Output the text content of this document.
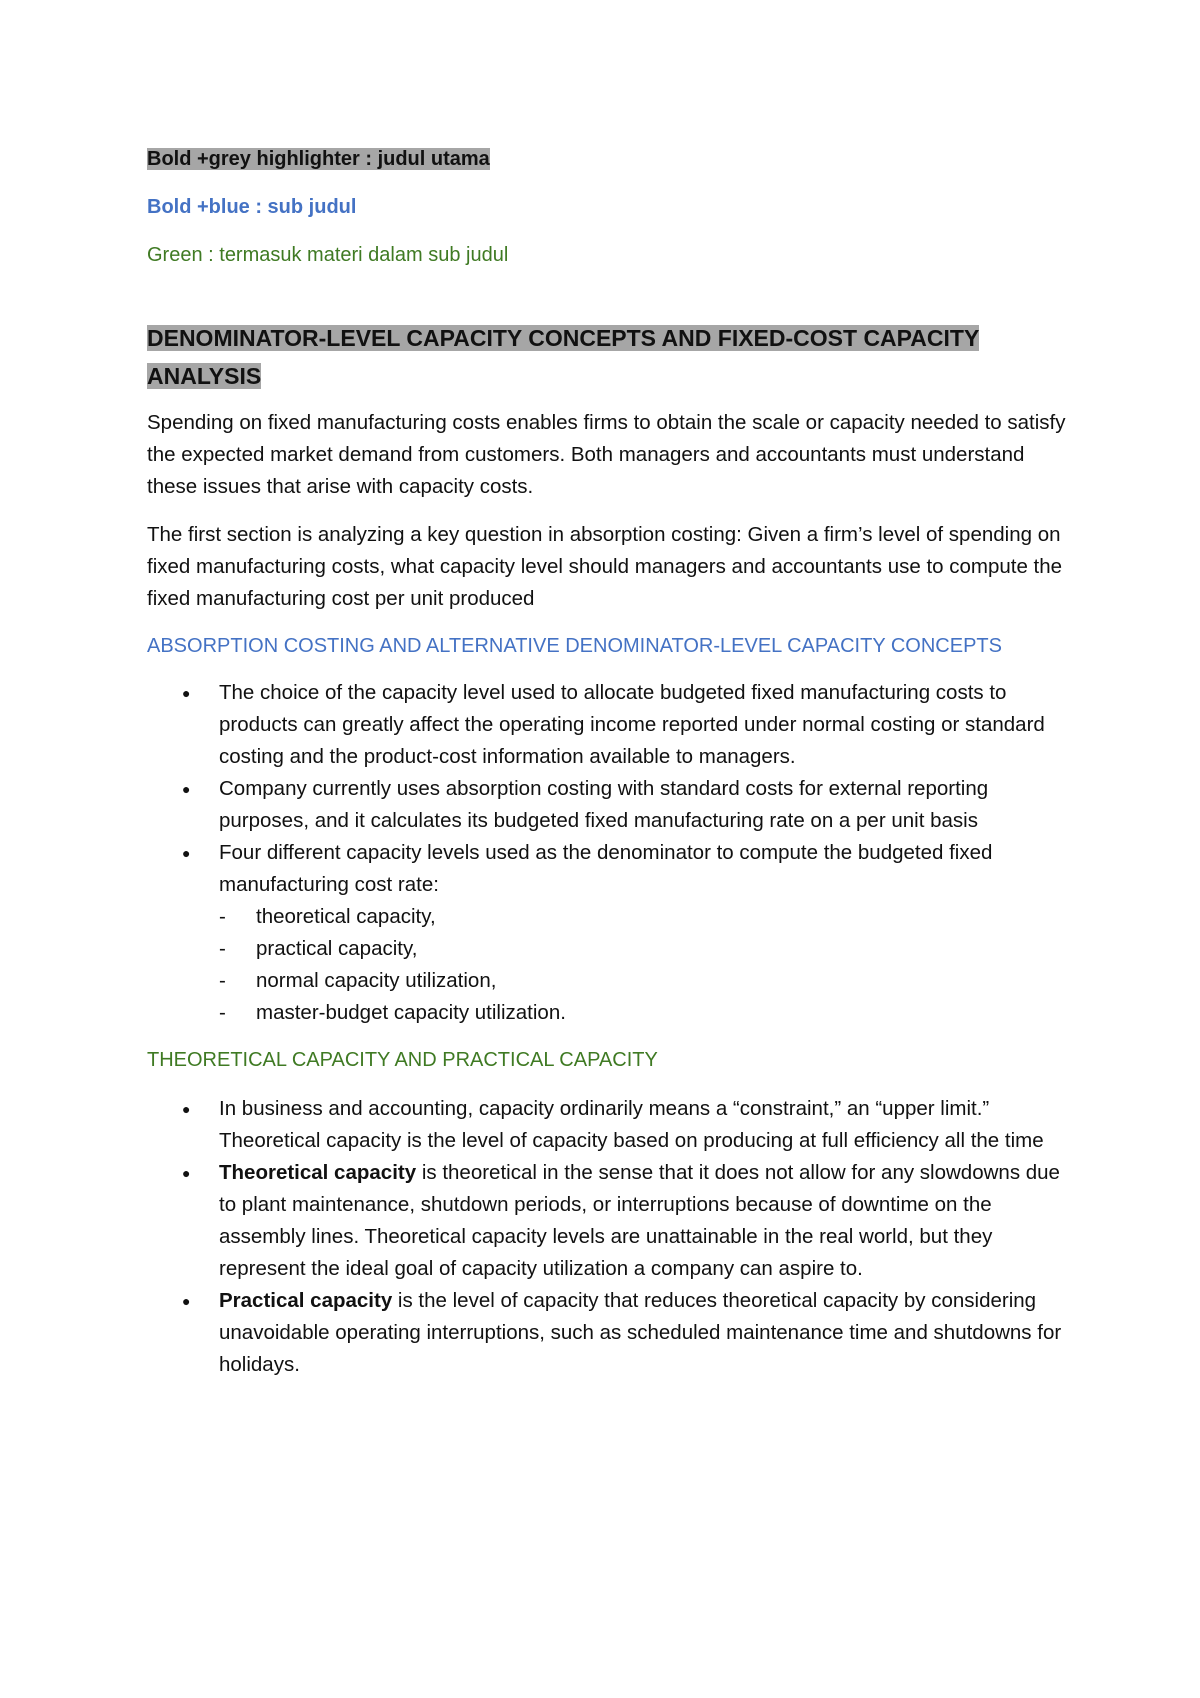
Bold +grey highlighter : judul utama
Bold +blue : sub judul
Green : termasuk materi dalam sub judul
DENOMINATOR-LEVEL CAPACITY CONCEPTS AND FIXED-COST CAPACITY ANALYSIS

Spending on fixed manufacturing costs enables firms to obtain the scale or capacity needed to satisfy the expected market demand from customers. Both managers and accountants must understand these issues that arise with capacity costs.

The first section is analyzing a key question in absorption costing: Given a firm’s level of spending on fixed manufacturing costs, what capacity level should managers and accountants use to compute the fixed manufacturing cost per unit produced

ABSORPTION COSTING AND ALTERNATIVE DENOMINATOR-LEVEL CAPACITY CONCEPTS
● The choice of the capacity level used to allocate budgeted fixed manufacturing costs to products can greatly affect the operating income reported under normal costing or standard costing and the product-cost information available to managers.
● Company currently uses absorption costing with standard costs for external reporting purposes, and it calculates its budgeted fixed manufacturing rate on a per unit basis
● Four different capacity levels used as the denominator to compute the budgeted fixed manufacturing cost rate:
- theoretical capacity,
- practical capacity,
- normal capacity utilization,
- master-budget capacity utilization.
THEORETICAL CAPACITY AND PRACTICAL CAPACITY
● In business and accounting, capacity ordinarily means a “constraint,” an “upper limit.” Theoretical capacity is the level of capacity based on producing at full efficiency all the time
● Theoretical capacity is theoretical in the sense that it does not allow for any slowdowns due to plant maintenance, shutdown periods, or interruptions because of downtime on the assembly lines. Theoretical capacity levels are unattainable in the real world, but they represent the ideal goal of capacity utilization a company can aspire to.
● Practical capacity is the level of capacity that reduces theoretical capacity by considering unavoidable operating interruptions, such as scheduled maintenance time and shutdowns for holidays.
